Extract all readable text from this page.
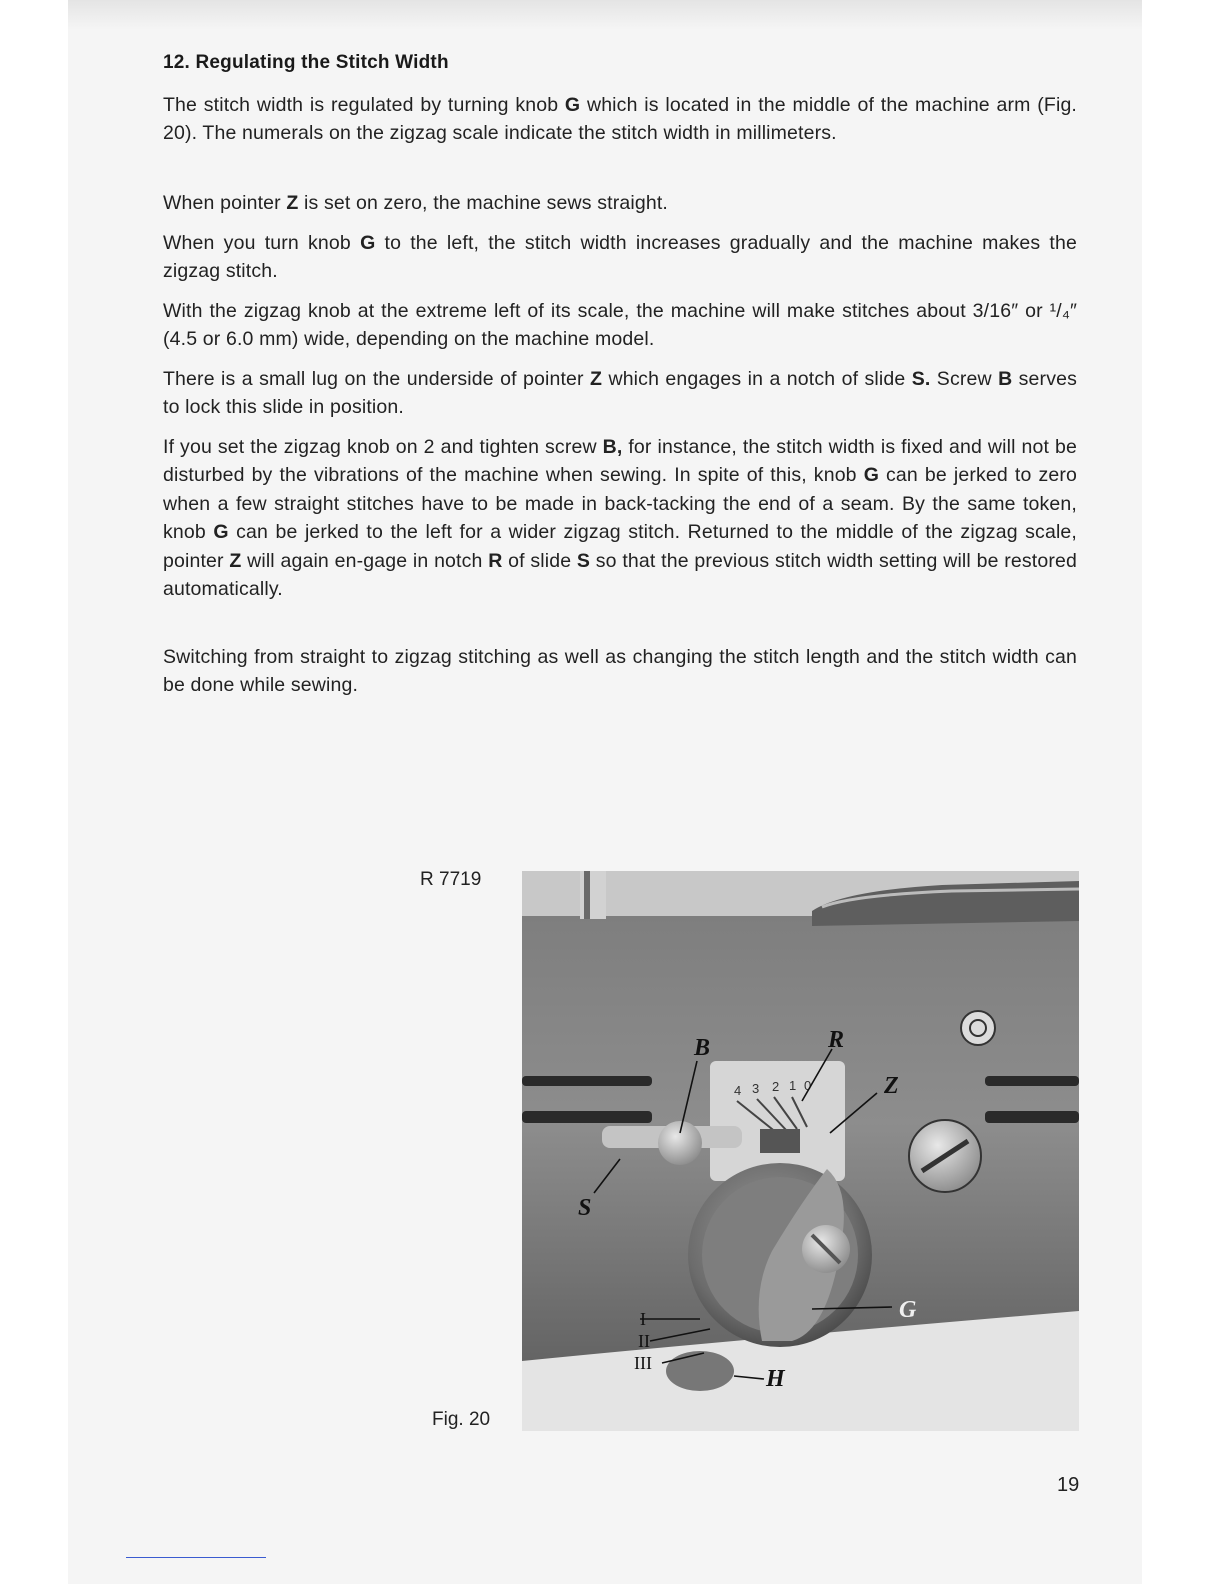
12. Regulating the Stitch Width
The stitch width is regulated by turning knob G which is located in the middle of the machine arm (Fig. 20). The numerals on the zigzag scale indicate the stitch width in millimeters.
When pointer Z is set on zero, the machine sews straight.
When you turn knob G to the left, the stitch width increases gradually and the machine makes the zigzag stitch.
With the zigzag knob at the extreme left of its scale, the machine will make stitches about 3/16″ or ¹/₄″ (4.5 or 6.0 mm) wide, depending on the machine model.
There is a small lug on the underside of pointer Z which engages in a notch of slide S. Screw B serves to lock this slide in position.
If you set the zigzag knob on 2 and tighten screw B, for instance, the stitch width is fixed and will not be disturbed by the vibrations of the machine when sewing. In spite of this, knob G can be jerked to zero when a few straight stitches have to be made in back-tacking the end of a seam. By the same token, knob G can be jerked to the left for a wider zigzag stitch. Returned to the middle of the zigzag scale, pointer Z will again en-gage in notch R of slide S so that the previous stitch width setting will be restored automatically.
Switching from straight to zigzag stitching as well as changing the stitch length and the stitch width can be done while sewing.
R 7719
4 3 2 1 0
B	R
Z
S
G
H
I
II
III
Fig. 20
19
